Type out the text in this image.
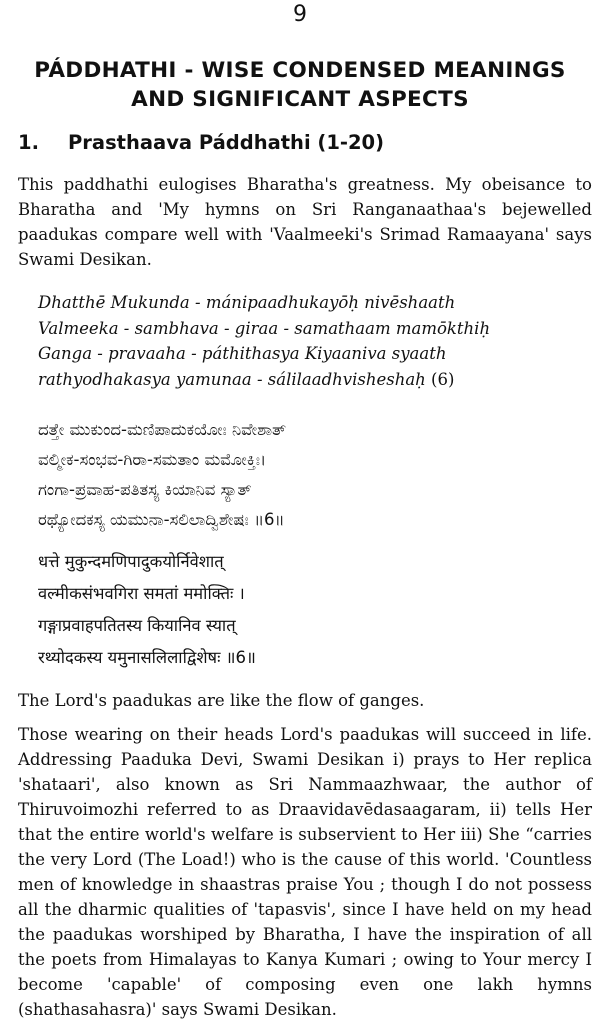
9
PÁDDHATHI - WISE CONDENSED MEANINGS
AND SIGNIFICANT ASPECTS
1. Prasthaava Páddhathi (1-20)

This paddhathi eulogises Bharatha's greatness. My obeisance to Bharatha and 'My hymns on Sri Ranganaathaa's bejewelled paadukas compare well with 'Vaalmeeki's Srimad Ramaayana' says Swami Desikan.

Dhatthē Mukunda - mánipaadhukayōḥ nivēshaath
Valmeeka - sambhava - giraa - samathaam mamōkthiḥ
Ganga - pravaaha - páthithasya Kiyaaniva syaath
rathyodhakasya yamunaa - sálilaadhvisheshaḥ (6)
ದತ್ತೇ ಮುಕುಂದ-ಮಣಿಪಾದುಕಯೋಃ ನಿವೇಶಾತ್
ವಲ್ಮೀಕ-ಸಂಭವ-ಗಿರಾ-ಸಮತಾಂ ಮಮೋಕ್ತಿಃ।
ಗಂಗಾ-ಪ್ರವಾಹ-ಪತಿತಸ್ಯ ಕಿಯಾನಿವ ಸ್ಯಾತ್
ರಥ್ಯೋದಕಸ್ಯ ಯಮುನಾ-ಸಲಿಲಾದ್ವಿಶೇಷಃ ॥6॥
धत्ते मुकुन्दमणिपादुकयोर्निवेशात्
वल्मीकसंभवगिरा समतां ममोक्तिः ।
गङ्गाप्रवाहपतितस्य कियानिव स्यात्
रथ्योदकस्य यमुनासलिलाद्विशेषः ॥6॥

The Lord's paadukas are like the flow of ganges.

Those wearing on their heads Lord's paadukas will succeed in life. Addressing Paaduka Devi, Swami Desikan i) prays to Her replica 'shataari', also known as Sri Nammaazhwaar, the author of Thiruvoimozhi referred to as Draavidavēdasaagaram, ii) tells Her that the entire world's welfare is subservient to Her iii) She “carries the very Lord (The Load!) who is the cause of this world. 'Countless men of knowledge in shaastras praise You ; though I do not possess all the dharmic qualities of 'tapasvis', since I have held on my head the paadukas worshiped by Bharatha, I have the inspiration of all the poets from Himalayas to Kanya Kumari ; owing to Your mercy I become 'capable' of composing even one lakh hymns (shathasahasra)' says Swami Desikan.
